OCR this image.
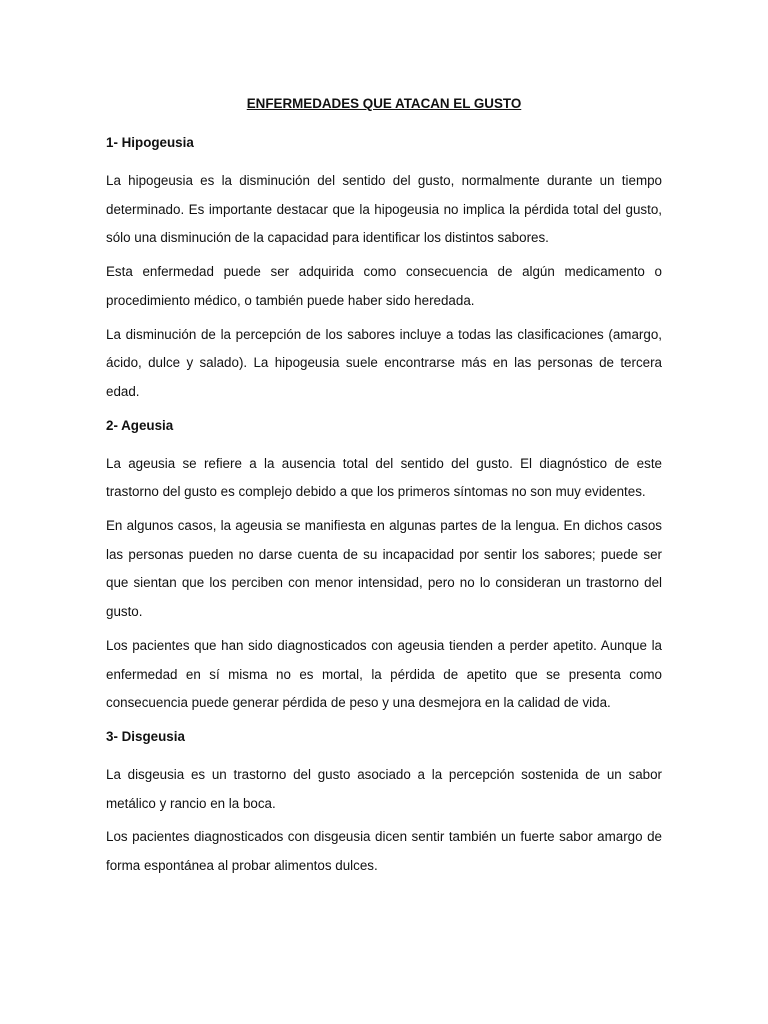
ENFERMEDADES QUE ATACAN EL GUSTO
1- Hipogeusia

La hipogeusia es la disminución del sentido del gusto, normalmente durante un tiempo determinado. Es importante destacar que la hipogeusia no implica la pérdida total del gusto, sólo una disminución de la capacidad para identificar los distintos sabores.

Esta enfermedad puede ser adquirida como consecuencia de algún medicamento o procedimiento médico, o también puede haber sido heredada.

La disminución de la percepción de los sabores incluye a todas las clasificaciones (amargo, ácido, dulce y salado). La hipogeusia suele encontrarse más en las personas de tercera edad.

2- Ageusia

La ageusia se refiere a la ausencia total del sentido del gusto. El diagnóstico de este trastorno del gusto es complejo debido a que los primeros síntomas no son muy evidentes.

En algunos casos, la ageusia se manifiesta en algunas partes de la lengua. En dichos casos las personas pueden no darse cuenta de su incapacidad por sentir los sabores; puede ser que sientan que los perciben con menor intensidad, pero no lo consideran un trastorno del gusto.

Los pacientes que han sido diagnosticados con ageusia tienden a perder apetito. Aunque la enfermedad en sí misma no es mortal, la pérdida de apetito que se presenta como consecuencia puede generar pérdida de peso y una desmejora en la calidad de vida.

3- Disgeusia

La disgeusia es un trastorno del gusto asociado a la percepción sostenida de un sabor metálico y rancio en la boca.

Los pacientes diagnosticados con disgeusia dicen sentir también un fuerte sabor amargo de forma espontánea al probar alimentos dulces.
